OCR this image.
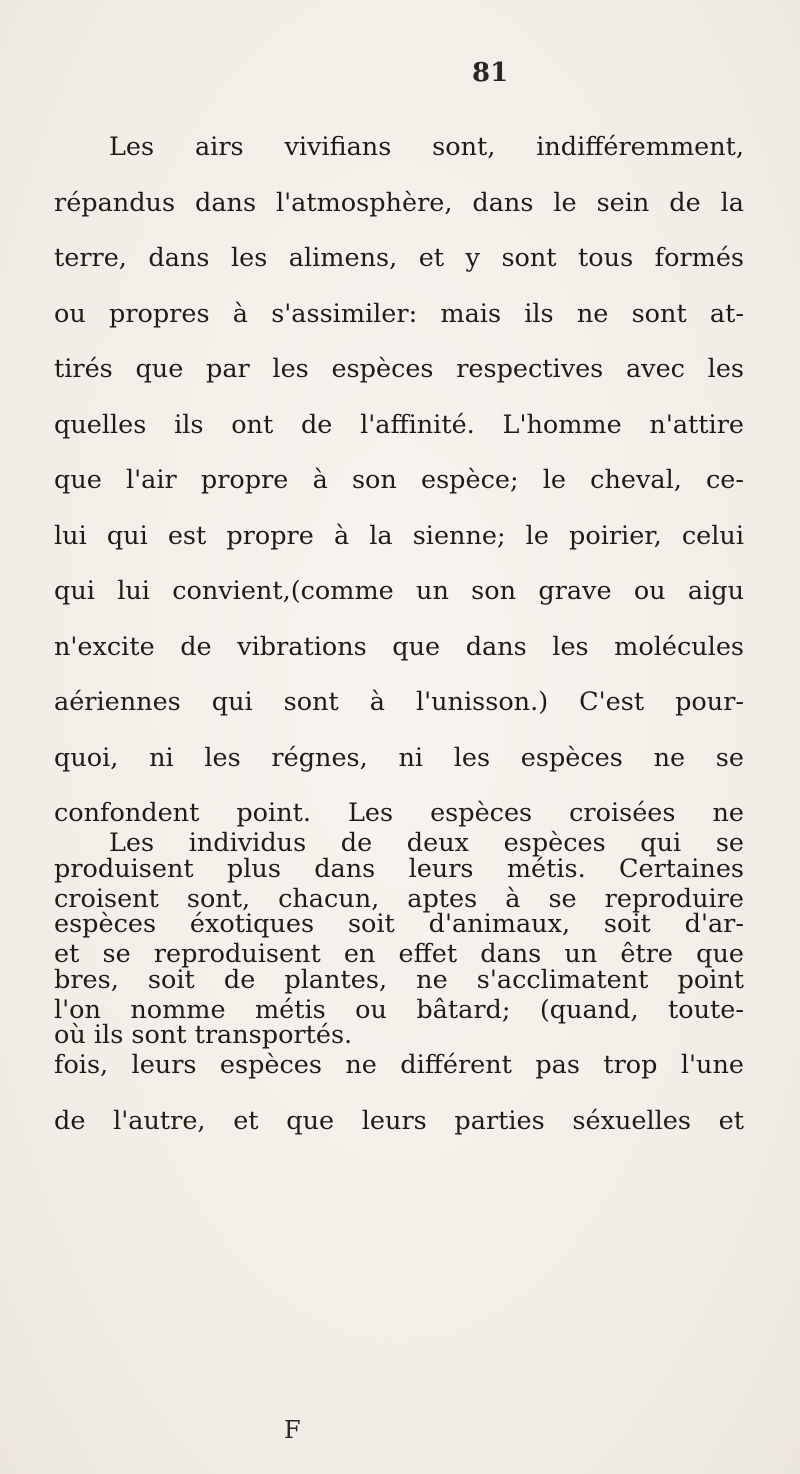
81
Les airs vivifians sont, indifféremment,
répandus dans l'atmosphère, dans le sein de la
terre, dans les alimens, et y sont tous formés
ou propres à s'assimiler: mais ils ne sont at-
tirés que par les espèces respectives avec les
quelles ils ont de l'affinité. L'homme n'attire
que l'air propre à son espèce; le cheval, ce-
lui qui est propre à la sienne; le poirier, celui
qui lui convient,(comme un son grave ou aigu
n'excite de vibrations que dans les molécules
aériennes qui sont à l'unisson.) C'est pour-
quoi, ni les régnes, ni les espèces ne se
confondent point. Les espèces croisées ne
produisent plus dans leurs métis. Certaines
espèces éxotiques soit d'animaux, soit d'ar-
bres, soit de plantes, ne s'acclimatent point
où ils sont transportés.
Les individus de deux espèces qui se
croisent sont, chacun, aptes à se reproduire
et se reproduisent en effet dans un être que
l'on nomme métis ou bâtard; (quand, toute-
fois, leurs espèces ne différent pas trop l'une
de l'autre, et que leurs parties séxuelles et
F
